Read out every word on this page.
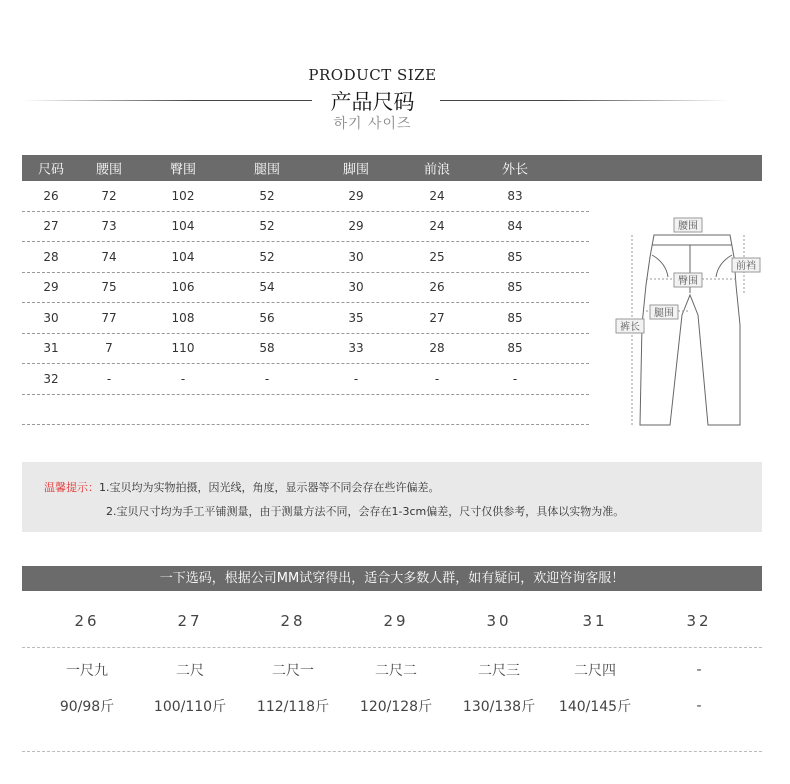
PRODUCT SIZE
产品尺码
하기 사이즈
尺码 腰围	臀围	腿围	脚围	前浪	外长
26	72	102	52	29	24	83
27	73	104	52	29	24	84
28	74	104	52	30	25	85
29	75	106	54	30	26	85
30	77	108	56	35	27	85
31	7	110	58	33	28	85
32	-	-	-	-	-	-
腰围
前裆
臀围
腿围
裤长
温馨提示：1.宝贝均为实物拍摄，因光线，角度，显示器等不同会存在些许偏差。
2.宝贝尺寸均为手工平铺测量，由于测量方法不同，会存在1-3cm偏差，尺寸仅供参考，具体以实物为准。
一下选码，根据公司MM试穿得出，适合大多数人群，如有疑问，欢迎咨询客服！
26	27	28	29	30	31	32
一尺九	二尺	二尺一	二尺二	二尺三	二尺四	-
90/98斤	100/110斤 112/118斤 120/128斤 130/138斤 140/145斤	-
